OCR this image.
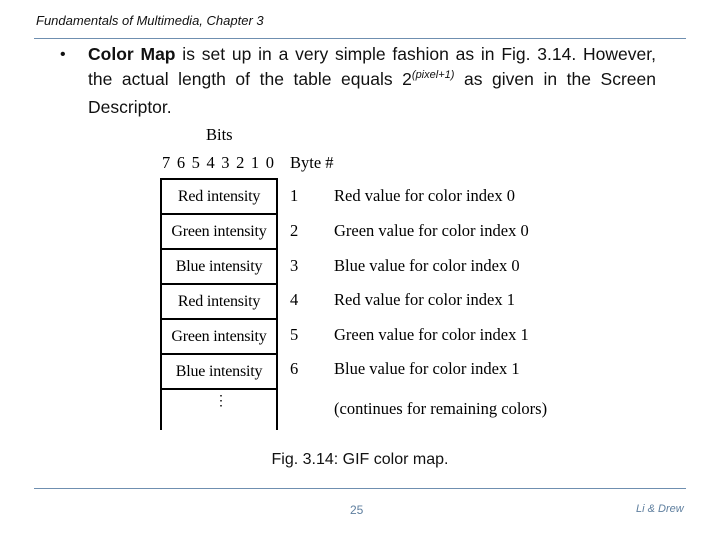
Fundamentals of Multimedia, Chapter 3
• Color Map is set up in a very simple fashion as in Fig. 3.14. However,
the actual length of the table equals $2^{(pixel+1)}$ as given in the Screen
Descriptor.
Bits
7 6 5 4 3 2 1 0 Byte #
Red intensity
Green intensity
Blue intensity
Red intensity
Green intensity
Blue intensity
⋮
1
2
3
4
5
6
Red value for color index 0
Green value for color index 0
Blue value for color index 0
Red value for color index 1
Green value for color index 1
Blue value for color index 1
(continues for remaining colors)
Fig. 3.14: GIF color map.
25	Li & Drew
